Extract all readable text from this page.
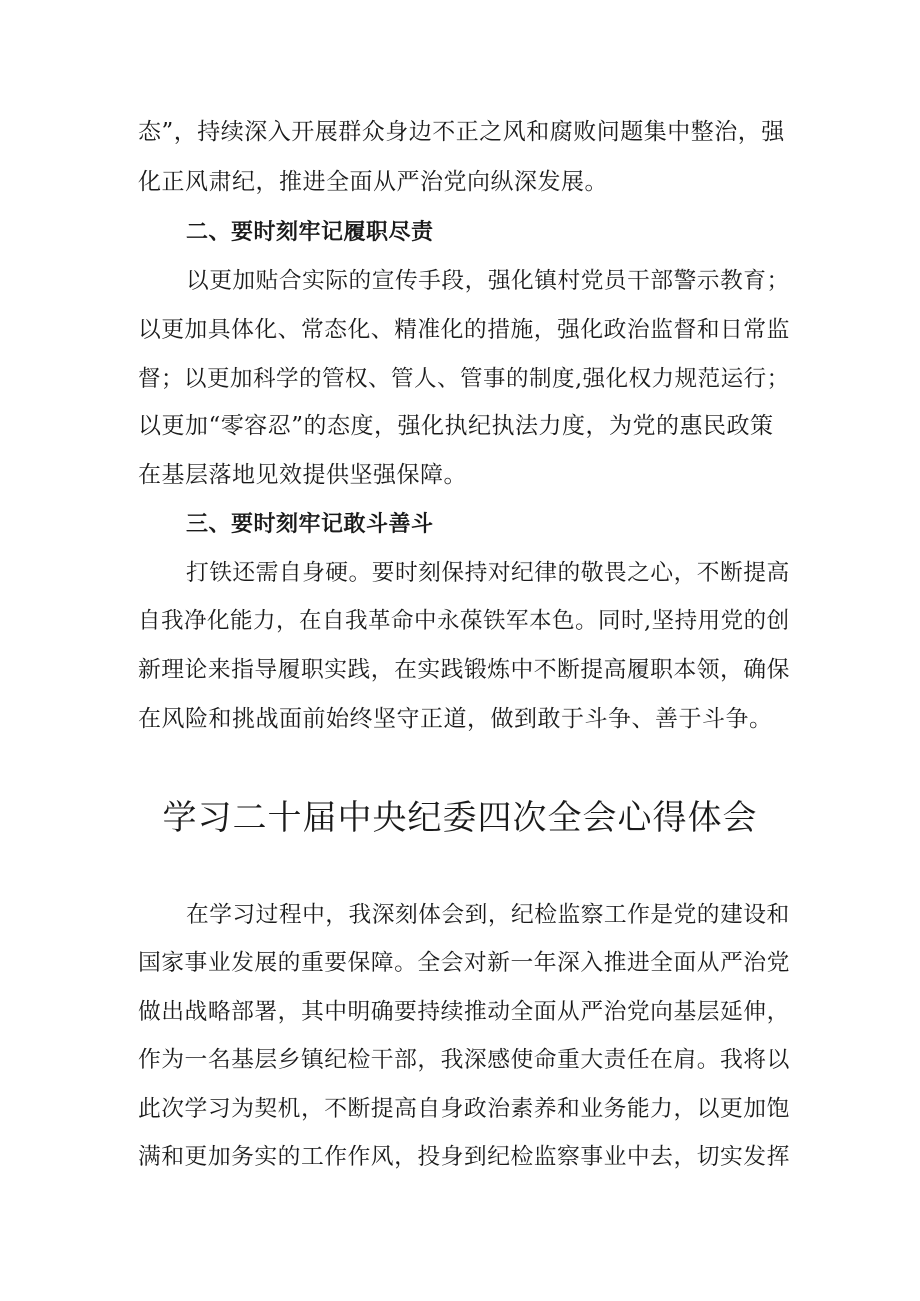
态”，持续深入开展群众身边不正之风和腐败问题集中整治，强
化正风肃纪，推进全面从严治党向纵深发展。
二、要时刻牢记履职尽责
以更加贴合实际的宣传手段，强化镇村党员干部警示教育；
以更加具体化、常态化、精准化的措施，强化政治监督和日常监
督；以更加科学的管权、管人、管事的制度,强化权力规范运行；
以更加“零容忍”的态度，强化执纪执法力度，为党的惠民政策
在基层落地见效提供坚强保障。
三、要时刻牢记敢斗善斗
打铁还需自身硬。要时刻保持对纪律的敬畏之心，不断提高
自我净化能力，在自我革命中永葆铁军本色。同时,坚持用党的创
新理论来指导履职实践，在实践锻炼中不断提高履职本领，确保
在风险和挑战面前始终坚守正道，做到敢于斗争、善于斗争。
学习二十届中央纪委四次全会心得体会
在学习过程中，我深刻体会到，纪检监察工作是党的建设和
国家事业发展的重要保障。全会对新一年深入推进全面从严治党
做出战略部署，其中明确要持续推动全面从严治党向基层延伸，
作为一名基层乡镇纪检干部，我深感使命重大责任在肩。我将以
此次学习为契机，不断提高自身政治素养和业务能力，以更加饱
满和更加务实的工作作风，投身到纪检监察事业中去，切实发挥
